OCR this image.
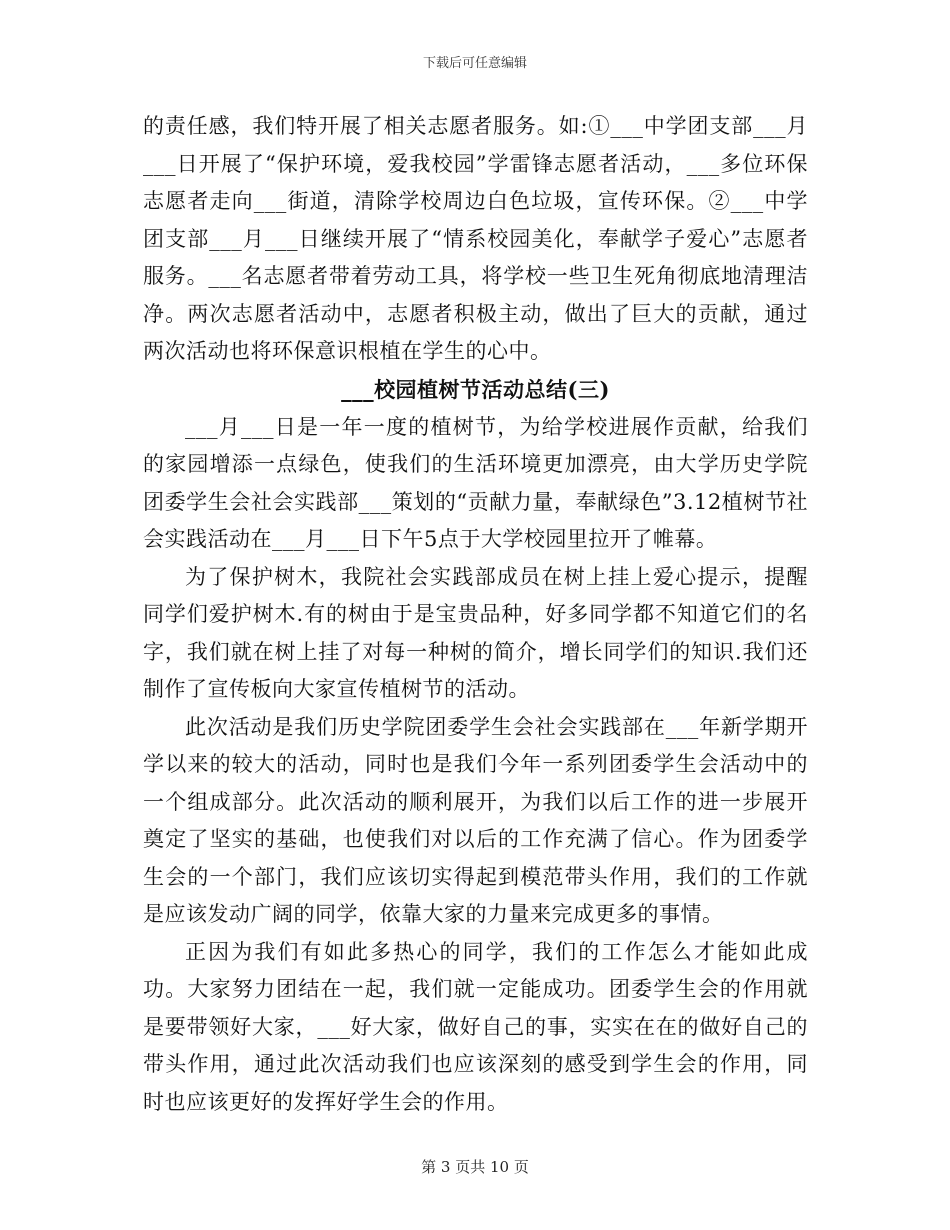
下载后可任意编辑

的责任感，我们特开展了相关志愿者服务。如:①___中学团支部___月___日开展了“保护环境，爱我校园”学雷锋志愿者活动，___多位环保志愿者走向___街道，清除学校周边白色垃圾，宣传环保。②___中学团支部___月___日继续开展了“情系校园美化，奉献学子爱心”志愿者服务。___名志愿者带着劳动工具，将学校一些卫生死角彻底地清理洁净。两次志愿者活动中，志愿者积极主动，做出了巨大的贡献，通过两次活动也将环保意识根植在学生的心中。

___校园植树节活动总结(三)

___月___日是一年一度的植树节，为给学校进展作贡献，给我们的家园增添一点绿色，使我们的生活环境更加漂亮，由大学历史学院团委学生会社会实践部___策划的“贡献力量，奉献绿色”3.12植树节社会实践活动在___月___日下午5点于大学校园里拉开了帷幕。

为了保护树木，我院社会实践部成员在树上挂上爱心提示，提醒同学们爱护树木.有的树由于是宝贵品种，好多同学都不知道它们的名字，我们就在树上挂了对每一种树的简介，增长同学们的知识.我们还制作了宣传板向大家宣传植树节的活动。

此次活动是我们历史学院团委学生会社会实践部在___年新学期开学以来的较大的活动，同时也是我们今年一系列团委学生会活动中的一个组成部分。此次活动的顺利展开，为我们以后工作的进一步展开奠定了坚实的基础，也使我们对以后的工作充满了信心。作为团委学生会的一个部门，我们应该切实得起到模范带头作用，我们的工作就是应该发动广阔的同学，依靠大家的力量来完成更多的事情。

正因为我们有如此多热心的同学，我们的工作怎么才能如此成功。大家努力团结在一起，我们就一定能成功。团委学生会的作用就是要带领好大家，___好大家，做好自己的事，实实在在的做好自己的带头作用，通过此次活动我们也应该深刻的感受到学生会的作用，同时也应该更好的发挥好学生会的作用。

第 3 页共 10 页
